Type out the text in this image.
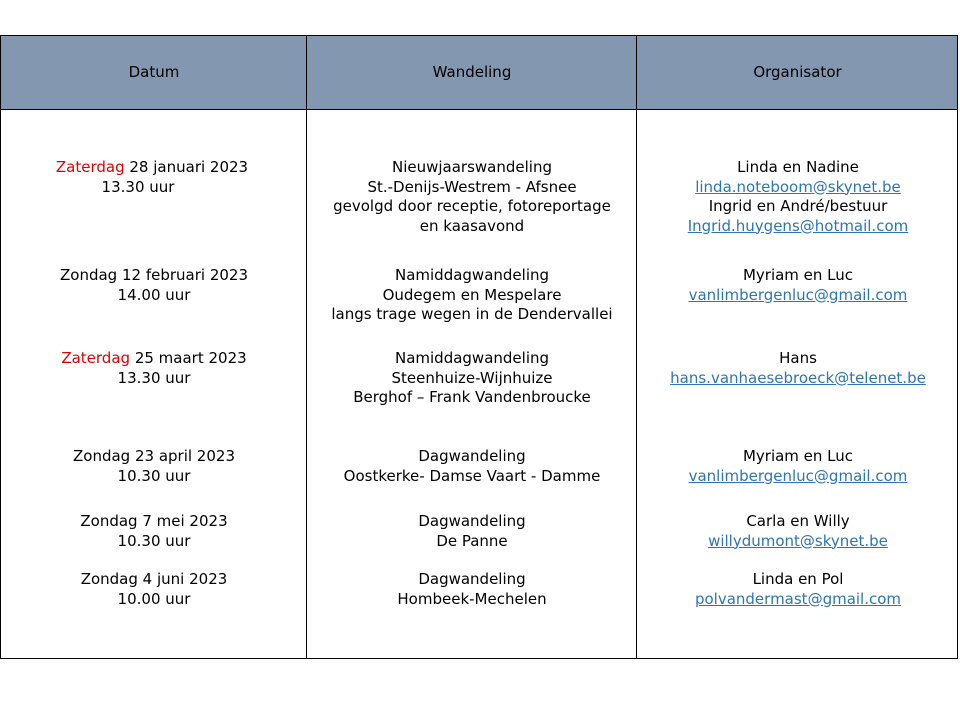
Datum	Wandeling	Organisator
Zaterdag 28 januari 2023
13.30 uur
Nieuwjaarswandeling
St.-Denijs-Westrem - Afsnee
gevolgd door receptie, fotoreportage
en kaasavond
Linda en Nadine
linda.noteboom@skynet.be
Ingrid en André/bestuur
Ingrid.huygens@hotmail.com
Zondag 12 februari 2023
14.00 uur
Namiddagwandeling
Oudegem en Mespelare
langs trage wegen in de Dendervallei
Myriam en Luc
vanlimbergenluc@gmail.com
Zaterdag 25 maart 2023
13.30 uur
Namiddagwandeling
Steenhuize-Wijnhuize
Berghof – Frank Vandenbroucke
Hans
hans.vanhaesebroeck@telenet.be
Zondag 23 april 2023
10.30 uur
Dagwandeling
Oostkerke- Damse Vaart - Damme
Myriam en Luc
vanlimbergenluc@gmail.com
Zondag 7 mei 2023
10.30 uur
Dagwandeling
De Panne
Carla en Willy
willydumont@skynet.be
Zondag 4 juni 2023
10.00 uur
Dagwandeling
Hombeek-Mechelen
Linda en Pol
polvandermast@gmail.com
